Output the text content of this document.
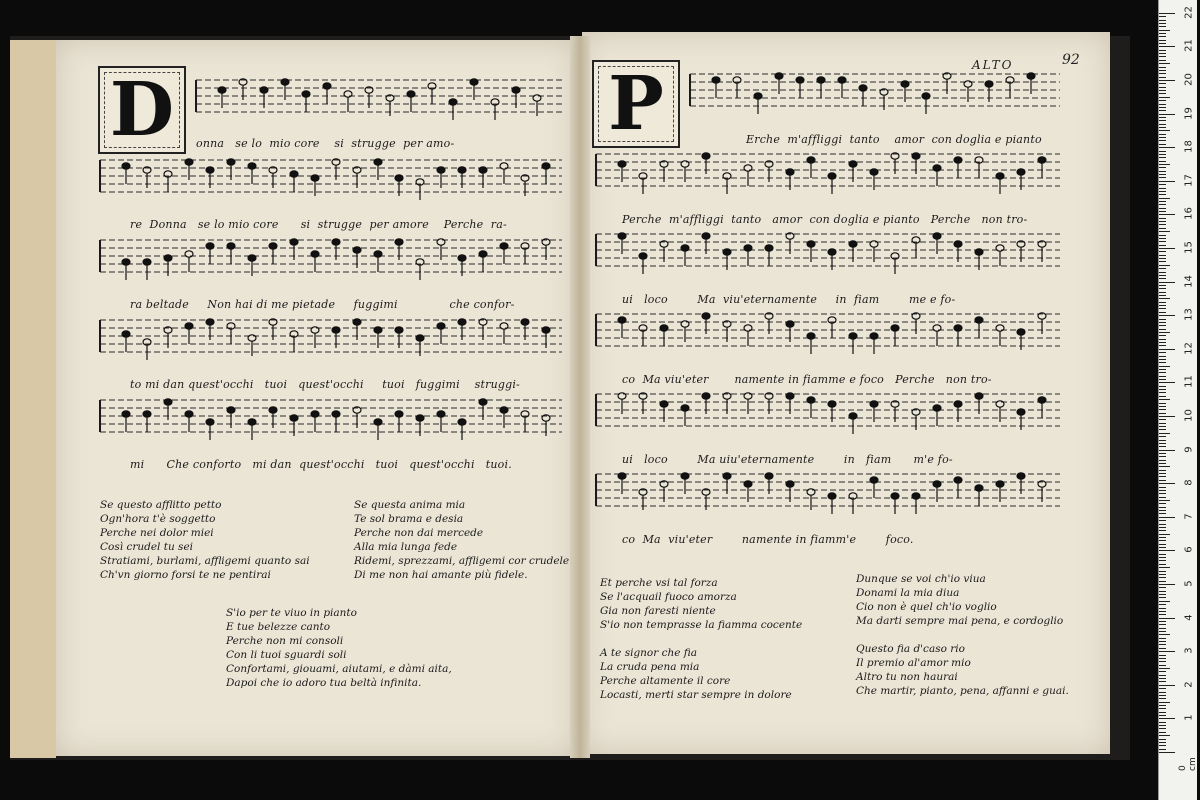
ALTO	92
D	P
onna   se lo  mio core    si  strugge  per amo-
re  Donna   se lo mio core      si  strugge  per amore    Perche  ra-
ra beltade     Non hai di me pietade     fuggimi              che confor-
to mi dan quest'occhi   tuoi   quest'occhi     tuoi   fuggimi    struggi-
mi      Che conforto   mi dan  quest'occhi   tuoi   quest'occhi   tuoi.
Erche  m'affliggi  tanto    amor  con doglia e pianto
Perche  m'affliggi  tanto   amor  con doglia e pianto   Perche   non tro-
ui   loco        Ma  viu'eternamente     in  fiam        me e fo-
co  Ma viu'eter       namente in fiamme e foco   Perche   non tro-
ui   loco        Ma uiu'eternamente        in   fiam      m'e fo-
co  Ma  viu'eter        namente in fiamm'e        foco.
Se questo afflitto petto
Ogn'hora t'è soggetto
Perche nei dolor miei
Così crudel tu sei
Stratiami, burlami, affligemi quanto sai
Ch'vn giorno forsi te ne pentirai
Se questa anima mia
Te sol brama e desia
Perche non dai mercede
Alla mia lunga fede
Ridemi, sprezzami, affligemi cor crudele
Di me non hai amante più fidele.
S'io per te viuo in pianto
E tue belezze canto
Perche non mi consoli
Con li tuoi sguardi soli
Confortami, giouami, aiutami, e dàmi aita,
Dapoi che io adoro tua beltà infinita.
Et perche vsi tal forza
Se l'acquail fuoco amorza
Gia non faresti niente
S'io non temprasse la fiamma cocente
Dunque se voi ch'io viua
Donami la mia diua
Cio non è quel ch'io voglio
Ma darti sempre mai pena, e cordoglio
A te signor che fia
La cruda pena mia
Perche altamente il core
Locasti, merti star sempre in dolore
Questo fia d'caso rio
Il premio al'amor mio
Altro tu non haurai
Che martir, pianto, pena, affanni e guai.
0 cm
1
2
3
4
5
6
7
8
9
10
11
12
13
14
15
16
17
18
19
20
21
22
